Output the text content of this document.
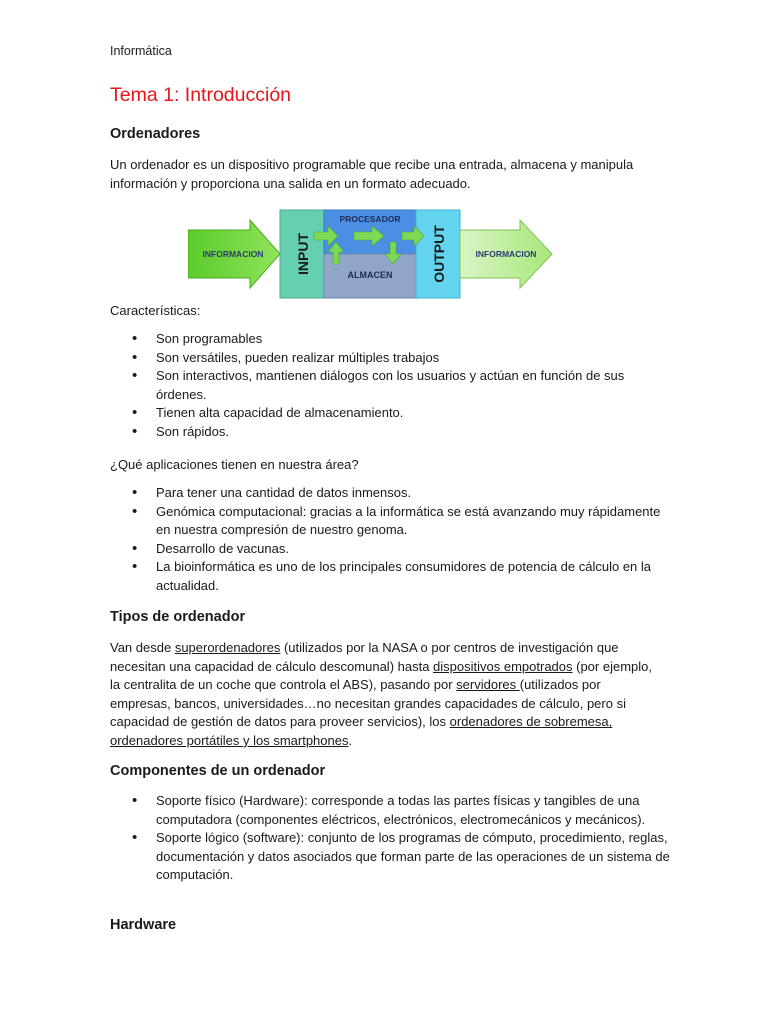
Informática
Tema 1: Introducción
Ordenadores

Un ordenador es un dispositivo programable que recibe una entrada, almacena y manipula información y proporciona una salida en un formato adecuado.

INFORMACION INPUT
PROCESADOR
ALMACEN	OUTPUT	INFORMACION

Características:

• Son programables
• Son versátiles, pueden realizar múltiples trabajos
• Son interactivos, mantienen diálogos con los usuarios y actúan en función de sus órdenes.
• Tienen alta capacidad de almacenamiento.
• Son rápidos.

¿Qué aplicaciones tienen en nuestra área?

• Para tener una cantidad de datos inmensos.
• Genómica computacional: gracias a la informática se está avanzando muy rápidamente en nuestra compresión de nuestro genoma.
• Desarrollo de vacunas.
• La bioinformática es uno de los principales consumidores de potencia de cálculo en la actualidad.
Tipos de ordenador

Van desde superordenadores (utilizados por la NASA o por centros de investigación que necesitan una capacidad de cálculo descomunal) hasta dispositivos empotrados (por ejemplo, la centralita de un coche que controla el ABS), pasando por servidores (utilizados por empresas, bancos, universidades…no necesitan grandes capacidades de cálculo, pero si capacidad de gestión de datos para proveer servicios), los ordenadores de sobremesa, ordenadores portátiles y los smartphones.

Componentes de un ordenador
• Soporte físico (Hardware): corresponde a todas las partes físicas y tangibles de una computadora (componentes eléctricos, electrónicos, electromecánicos y mecánicos).
• Soporte lógico (software): conjunto de los programas de cómputo, procedimiento, reglas, documentación y datos asociados que forman parte de las operaciones de un sistema de computación.
Hardware
